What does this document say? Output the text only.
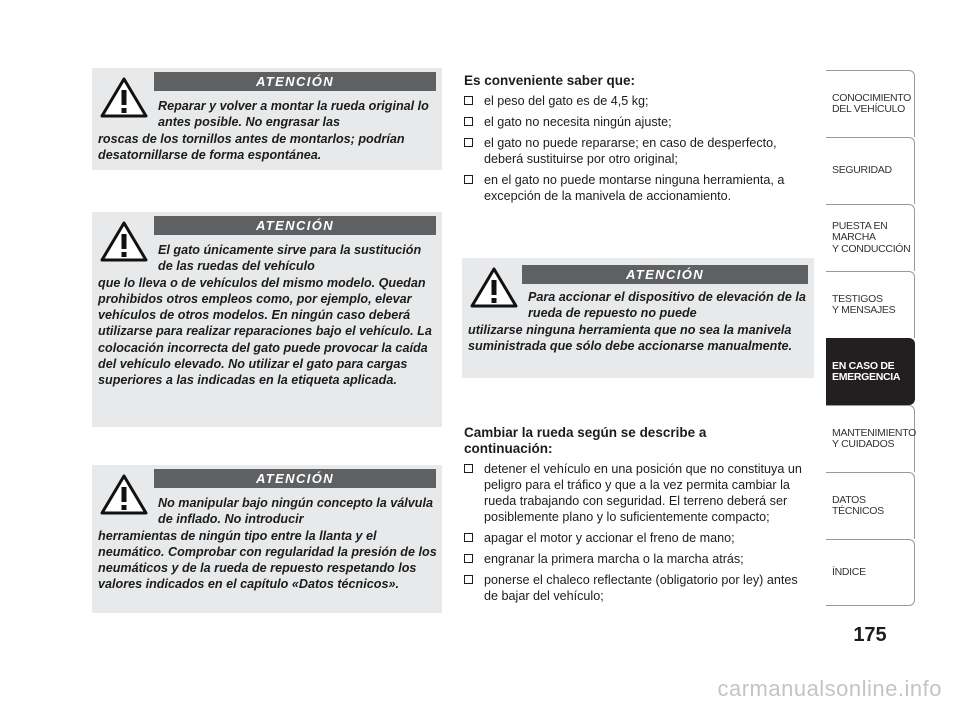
ATENCIÓN
Reparar y volver a montar la rueda original lo antes posible. No engrasar las
roscas de los tornillos antes de montarlos; podrían desatornillarse de forma espontánea.
ATENCIÓN
El gato únicamente sirve para la sustitución de las ruedas del vehículo
que lo lleva o de vehículos del mismo modelo. Quedan prohibidos otros empleos como, por ejemplo, elevar vehículos de otros modelos. En ningún caso deberá utilizarse para realizar reparaciones bajo el vehículo. La colocación incorrecta del gato puede provocar la caída del vehículo elevado. No utilizar el gato para cargas superiores a las indicadas en la etiqueta aplicada.
ATENCIÓN
No manipular bajo ningún concepto la válvula de inflado. No introducir
herramientas de ningún tipo entre la llanta y el neumático. Comprobar con regularidad la presión de los neumáticos y de la rueda de repuesto respetando los valores indicados en el capítulo «Datos técnicos».
Es conveniente saber que:
el peso del gato es de 4,5 kg;
el gato no necesita ningún ajuste;
el gato no puede repararse; en caso de desperfecto, deberá sustituirse por otro original;
en el gato no puede montarse ninguna herramienta, a excepción de la manivela de accionamiento.
ATENCIÓN
Para accionar el dispositivo de elevación de la rueda de repuesto no puede
utilizarse ninguna herramienta que no sea la manivela suministrada que sólo debe accionarse manualmente.
Cambiar la rueda según se describe a continuación:
detener el vehículo en una posición que no constituya un peligro para el tráfico y que a la vez permita cambiar la rueda trabajando con seguridad. El terreno deberá ser posiblemente plano y lo suficientemente compacto;
apagar el motor y accionar el freno de mano;
engranar la primera marcha o la marcha atrás;
ponerse el chaleco reflectante (obligatorio por ley) antes de bajar del vehículo;
CONOCIMIENTO
DEL VEHÍCULO
SEGURIDAD
PUESTA EN
MARCHA
Y CONDUCCIÓN
TESTIGOS
Y MENSAJES
EN CASO DE
EMERGENCIA
MANTENIMIENTO
Y CUIDADOS
DATOS
TÉCNICOS
ÍNDICE
175
carmanualsonline.info
